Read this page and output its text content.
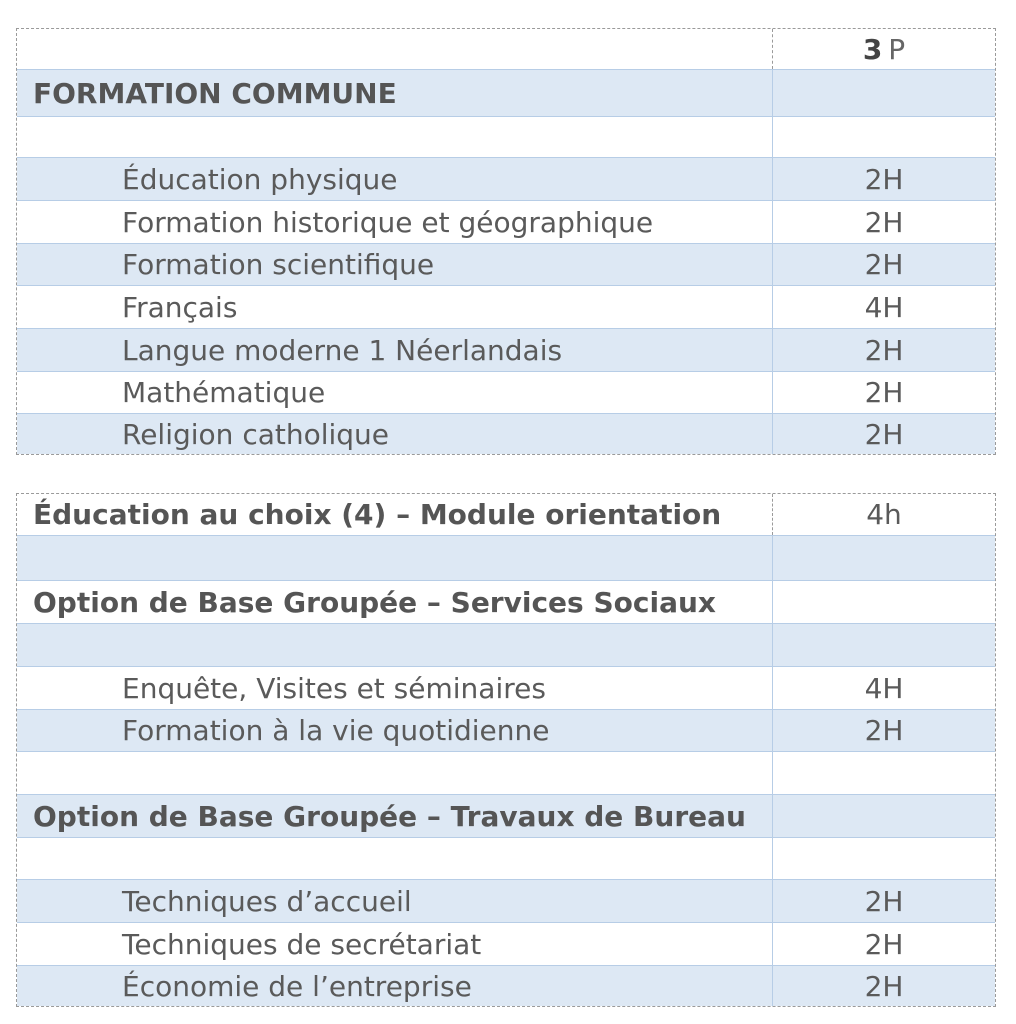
3 P
FORMATION COMMUNE
Éducation physique	2H
Formation historique et géographique	2H
Formation scientifique	2H
Français	4H
Langue moderne 1 Néerlandais	2H
Mathématique	2H
Religion catholique	2H
Éducation au choix (4) – Module orientation	4h
Option de Base Groupée – Services Sociaux
Enquête, Visites et séminaires	4H
Formation à la vie quotidienne	2H
Option de Base Groupée – Travaux de Bureau
Techniques d’accueil	2H
Techniques de secrétariat	2H
Économie de l’entreprise	2H
